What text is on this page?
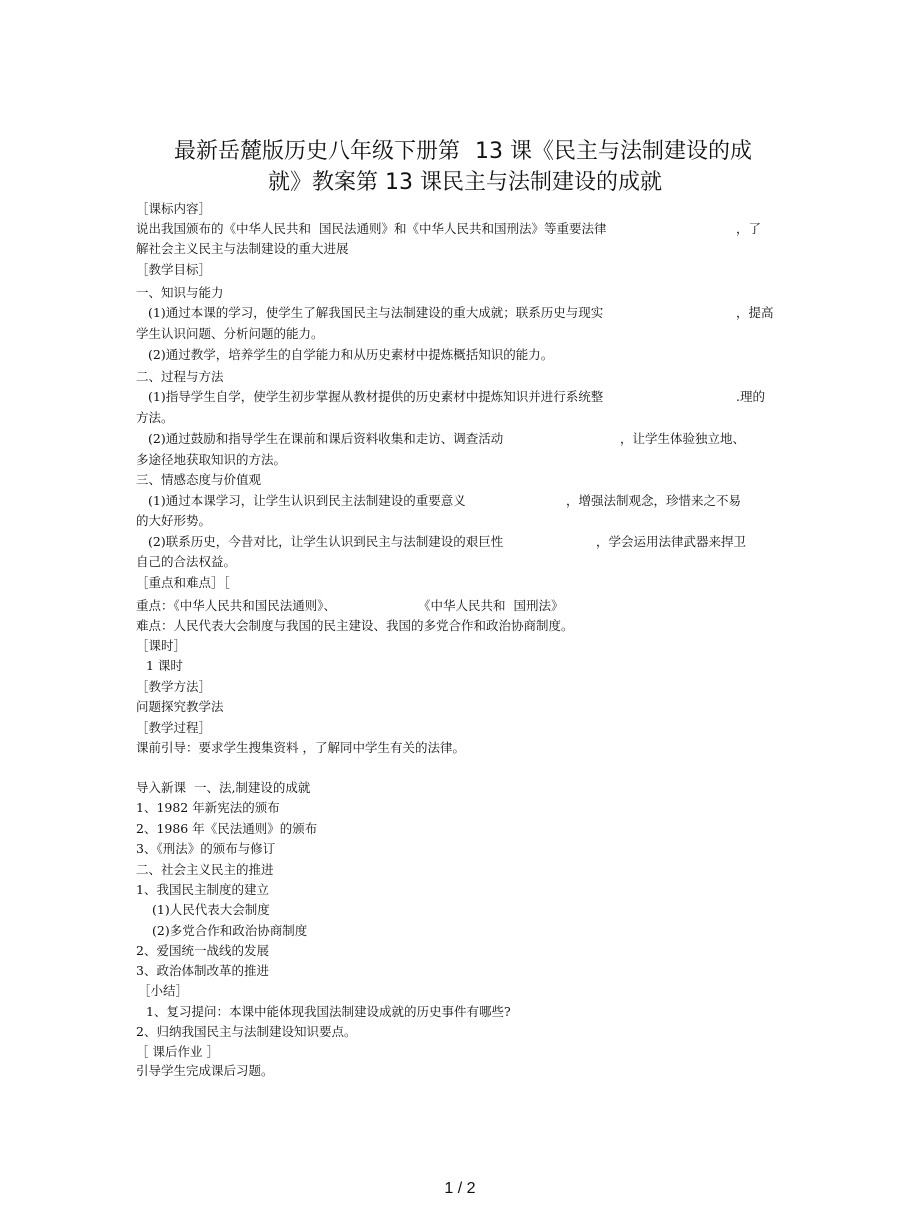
最新岳麓版历史八年级下册第 13 课《民主与法制建设的成
就》教案第 13 课民主与法制建设的成就
［课标内容］
说出我国颁布的《中华人民共和  国民法通则》和《中华人民共和国刑法》等重要法律	，了
解社会主义民主与法制建设的重大进展
［教学目标］
一、知识与能力
(1)通过本课的学习，使学生了解我国民主与法制建设的重大成就；联系历史与现实	，提高
学生认识问题、分析问题的能力。
(2)通过教学，培养学生的自学能力和从历史素材中提炼概括知识的能力。
二、过程与方法
(1)指导学生自学，使学生初步掌握从教材提供的历史素材中提炼知识并进行系统整	.理的
方法。
(2)通过鼓励和指导学生在课前和课后资料收集和走访、调查活动	，让学生体验独立地、
多途径地获取知识的方法。
三、情感态度与价值观
(1)通过本课学习，让学生认识到民主法制建设的重要意义	，增强法制观念，珍惜来之不易
的大好形势。
(2)联系历史，今昔对比，让学生认识到民主与法制建设的艰巨性	，学会运用法律武器来捍卫
自己的合法权益。
［重点和难点］［
重点：《中华人民共和国民法通则》、	《中华人民共和  国刑法》
难点：人民代表大会制度与我国的民主建设、我国的多党合作和政治协商制度。
［课时］
1 课时
［教学方法］
问题探究教学法
［教学过程］
课前引导：要求学生搜集资料 ，了解同中学生有关的法律。
导入新课  一、法,制建设的成就
1、1982 年新宪法的颁布
2、1986 年《民法通则》的颁布
3、《刑法》的颁布与修订
二、社会主义民主的推进
1、我国民主制度的建立
(1)人民代表大会制度
(2)多党合作和政治协商制度
2、爱国统一战线的发展
3、政治体制改革的推进
［小结］
1、复习提问：本课中能体现我国法制建设成就的历史事件有哪些?
2、归纳我国民主与法制建设知识要点。
［ 课后作业 ］
引导学生完成课后习题。
1 / 2
